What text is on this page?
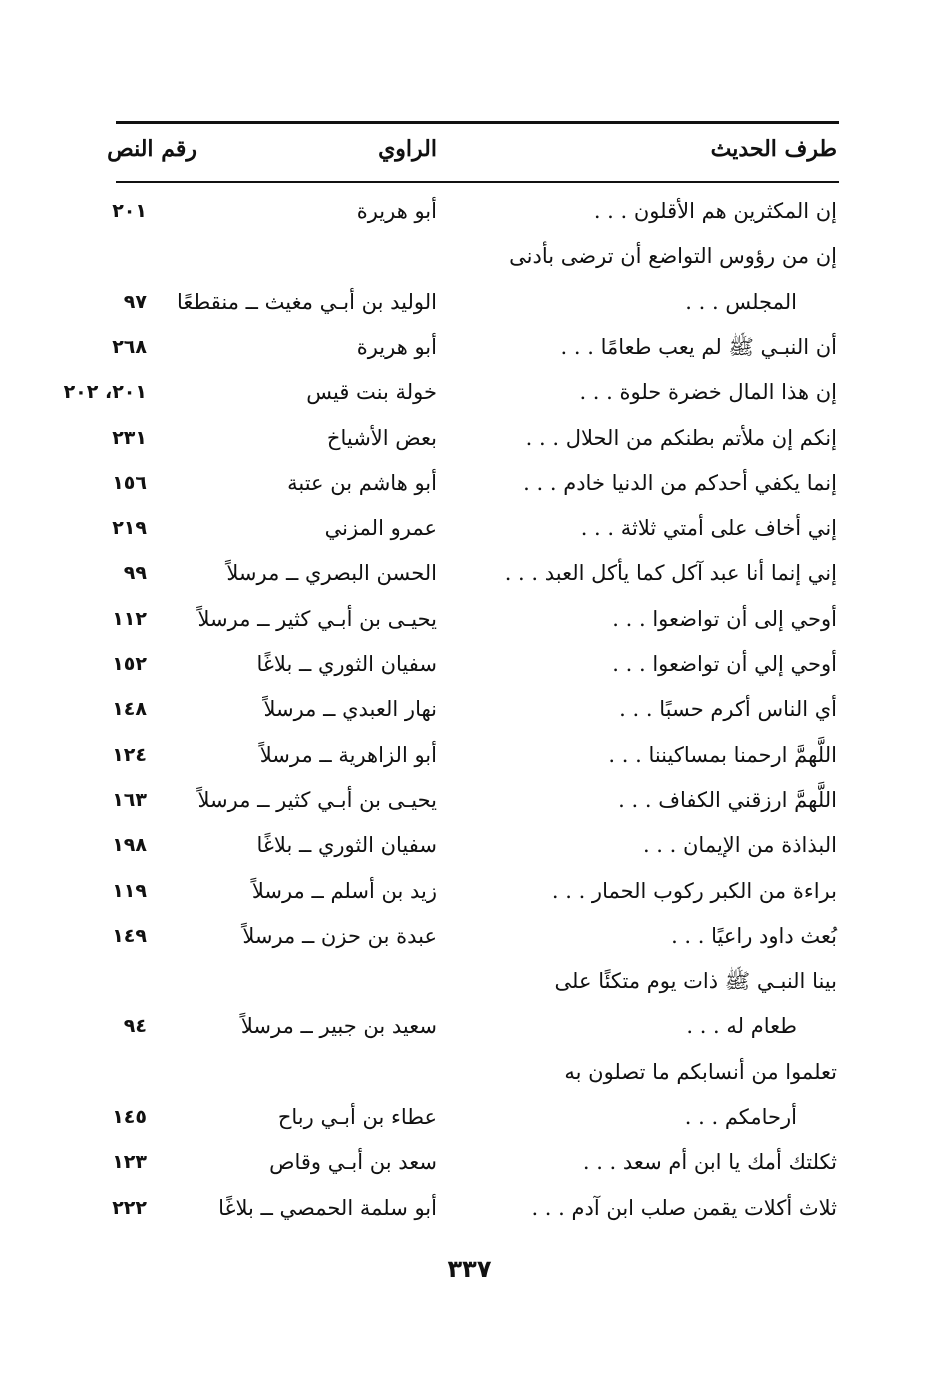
طرف الحديث
الراوي
رقم النص
إن المكثرين هم الأقلون . . .
أبو هريرة
٢٠١
إن من رؤوس التواضع أن ترضى بأدنى
المجلس . . .
الوليد بن أبـي مغيث ــ منقطعًا
٩٧
أن النبـي ﷺ لم يعب طعامًا . . .
أبو هريرة
٢٦٨
إن هذا المال خضرة حلوة . . .
خولة بنت قيس
٢٠١، ٢٠٢
إنكم إن ملأتم بطنكم من الحلال . . .
بعض الأشياخ
٢٣١
إنما يكفي أحدكم من الدنيا خادم . . .
أبو هاشم بن عتبة
١٥٦
إني أخاف على أمتي ثلاثة . . .
عمرو المزني
٢١٩
إني إنما أنا عبد آكل كما يأكل العبد . . .
الحسن البصري ــ مرسلاً
٩٩
أوحي إلى أن تواضعوا . . .
يحيـى بن أبـي كثير ــ مرسلاً
١١٢
أوحي إلي أن تواضعوا . . .
سفيان الثوري ــ بلاغًا
١٥٢
أي الناس أكرم حسبًا . . .
نهار العبدي ــ مرسلاً
١٤٨
اللَّهمَّ ارحمنا بمساكيننا . . .
أبو الزاهرية ــ مرسلاً
١٢٤
اللَّهمَّ ارزقني الكفاف . . .
يحيـى بن أبـي كثير ــ مرسلاً
١٦٣
البذاذة من الإيمان . . .
سفيان الثوري ــ بلاغًا
١٩٨
براءة من الكبر ركوب الحمار . . .
زيد بن أسلم ــ مرسلاً
١١٩
بُعث داود راعيًا . . .
عبدة بن حزن ــ مرسلاً
١٤٩
بينا النبـي ﷺ ذات يوم متكئًا على
طعام له . . .
سعيد بن جبير ــ مرسلاً
٩٤
تعلموا من أنسابكم ما تصلون به
أرحامكم . . .
عطاء بن أبـي رباح
١٤٥
ثكلتك أمك يا ابن أم سعد . . .
سعد بن أبـي وقاص
١٢٣
ثلاث أكلات يقمن صلب ابن آدم . . .
أبو سلمة الحمصي ــ بلاغًا
٢٢٢
٣٣٧
